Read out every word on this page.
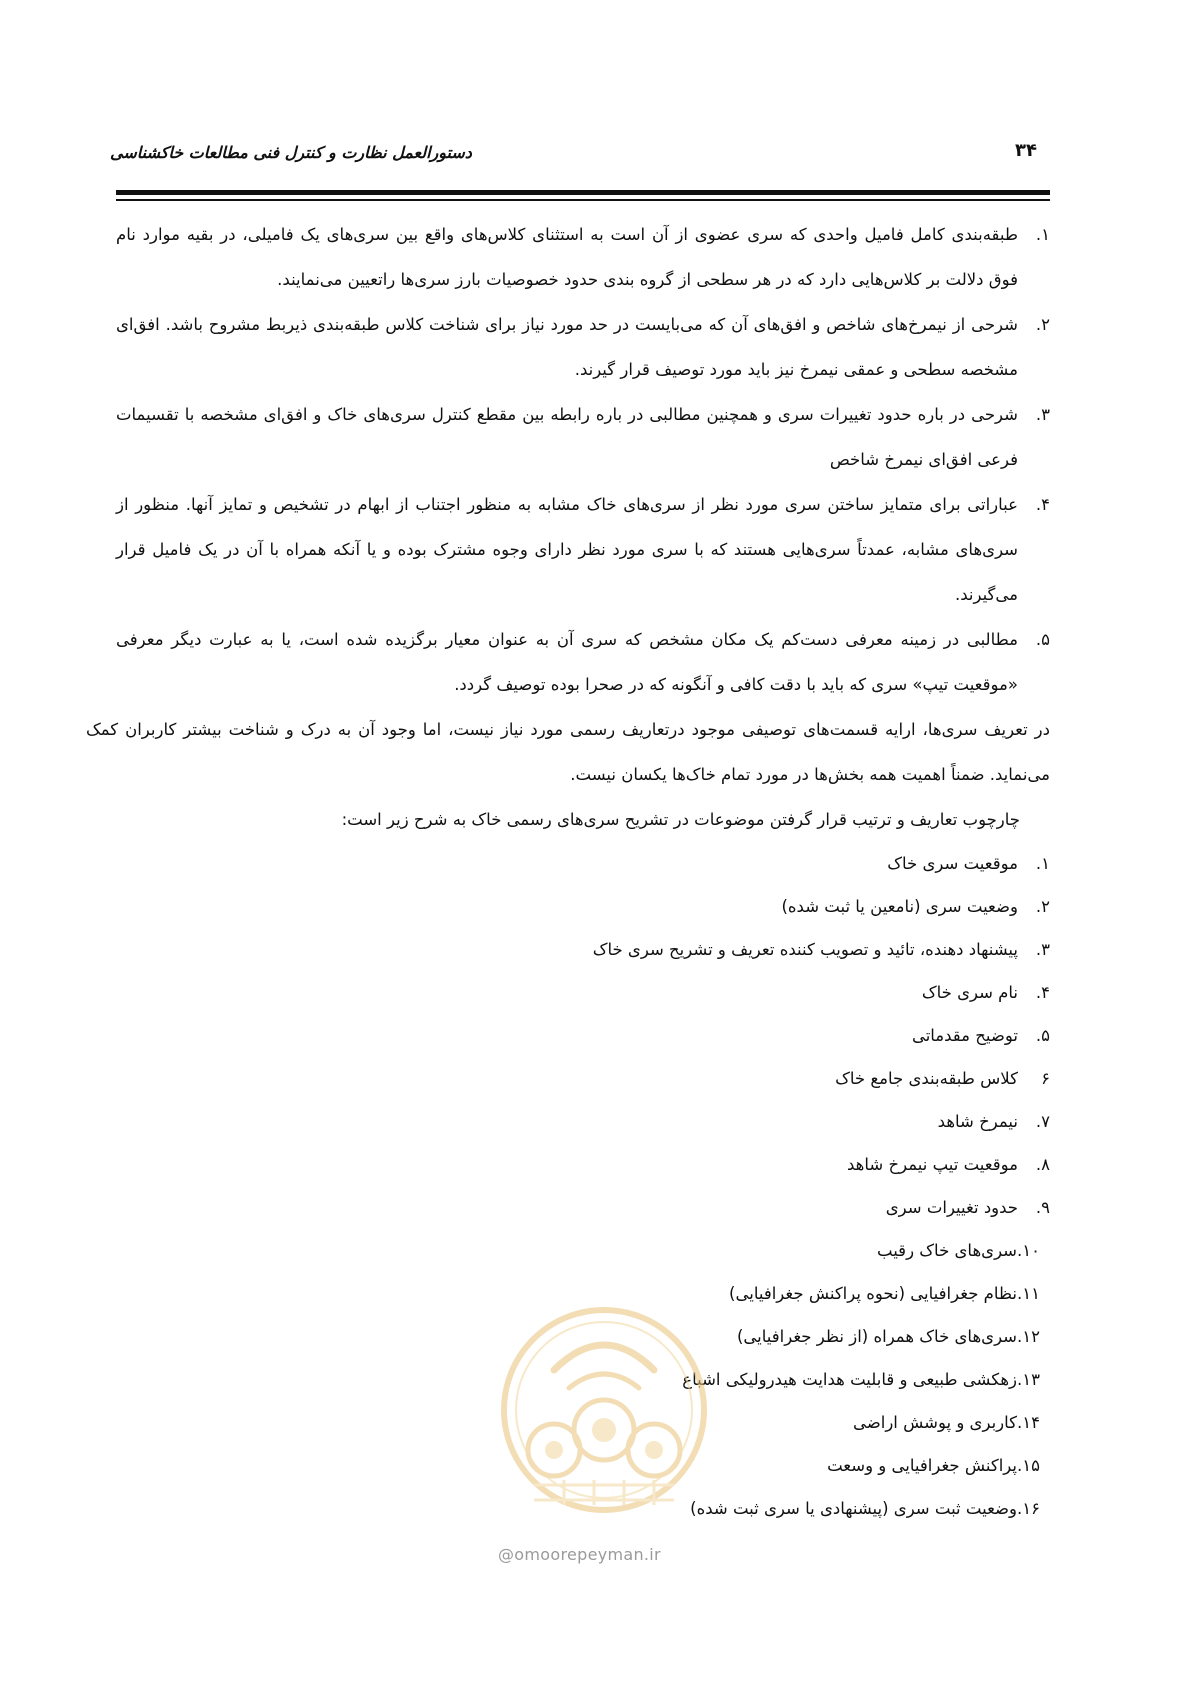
۳۴
دستورالعمل نظارت و کنترل فنی مطالعات خاکشناسی
۱.
طبقه‌بندی کامل فامیل واحدی که سری عضوی از آن است به استثنای کلاس‌های واقع بین سری‌های یک فامیلی، در بقیه موارد نام فوق دلالت بر کلاس‌هایی دارد که در هر سطحی از گروه بندی حدود خصوصیات بارز سری‌ها راتعیین می‌نمایند.
۲.
شرحی از نیمرخ‌های شاخص و افق‌های آن که می‌بایست در حد مورد نیاز برای شناخت کلاس طبقه‌بندی ذیربط مشروح باشد. افق‌ای مشخصه سطحی و عمقی نیمرخ نیز باید مورد توصیف قرار گیرند.
۳.
شرحی در باره حدود تغییرات سری و همچنین مطالبی در باره رابطه بین مقطع کنترل سری‌های خاک و افق‌ای مشخصه با تقسیمات فرعی افق‌ای نیمرخ شاخص
۴.
عباراتی برای متمایز ساختن سری مورد نظر از سری‌های خاک مشابه به منظور اجتناب از ابهام در تشخیص و تمایز آنها. منظور از سری‌های مشابه، عمدتاً سری‌هایی هستند که با سری مورد نظر دارای وجوه مشترک بوده و یا آنکه همراه با آن در یک فامیل قرار می‌گیرند.
۵.
مطالبی در زمینه معرفی دست‌کم یک مکان مشخص که سری آن به عنوان معیار برگزیده شده است، یا به عبارت دیگر معرفی «موقعیت تیپ» سری که باید با دقت کافی و آنگونه که در صحرا بوده توصیف گردد.
در تعریف سری‌ها، ارایه قسمت‌های توصیفی موجود درتعاریف رسمی مورد نیاز نیست، اما وجود آن به درک و شناخت بیشتر کاربران کمک می‌نماید. ضمناً اهمیت همه بخش‌ها در مورد تمام خاک‌ها یکسان نیست.
چارچوب تعاریف و ترتیب قرار گرفتن موضوعات در تشریح سری‌های رسمی خاک به شرح زیر است:
۱.
موقعیت سری خاک
۲.
وضعیت سری (نامعین یا ثبت شده)
۳.
پیشنهاد دهنده، تائید و تصویب کننده تعریف و تشریح سری خاک
۴.
نام سری خاک
۵.
توضیح مقدماتی
۶
کلاس طبقه‌بندی جامع خاک
۷.
نیمرخ شاهد
۸.
موقعیت تیپ نیمرخ شاهد
۹.
حدود تغییرات سری
۱۰.سری‌های خاک رقیب
۱۱.نظام جغرافیایی (نحوه پراکنش جغرافیایی)
۱۲.سری‌های خاک همراه (از نظر جغرافیایی)
۱۳.زهکشی طبیعی و قابلیت هدایت هیدرولیکی اشباع
۱۴.کاربری و پوشش اراضی
۱۵.پراکنش جغرافیایی و وسعت
۱۶.وضعیت ثبت سری (پیشنهادی یا سری ثبت شده)
@omoorepeyman.ir
